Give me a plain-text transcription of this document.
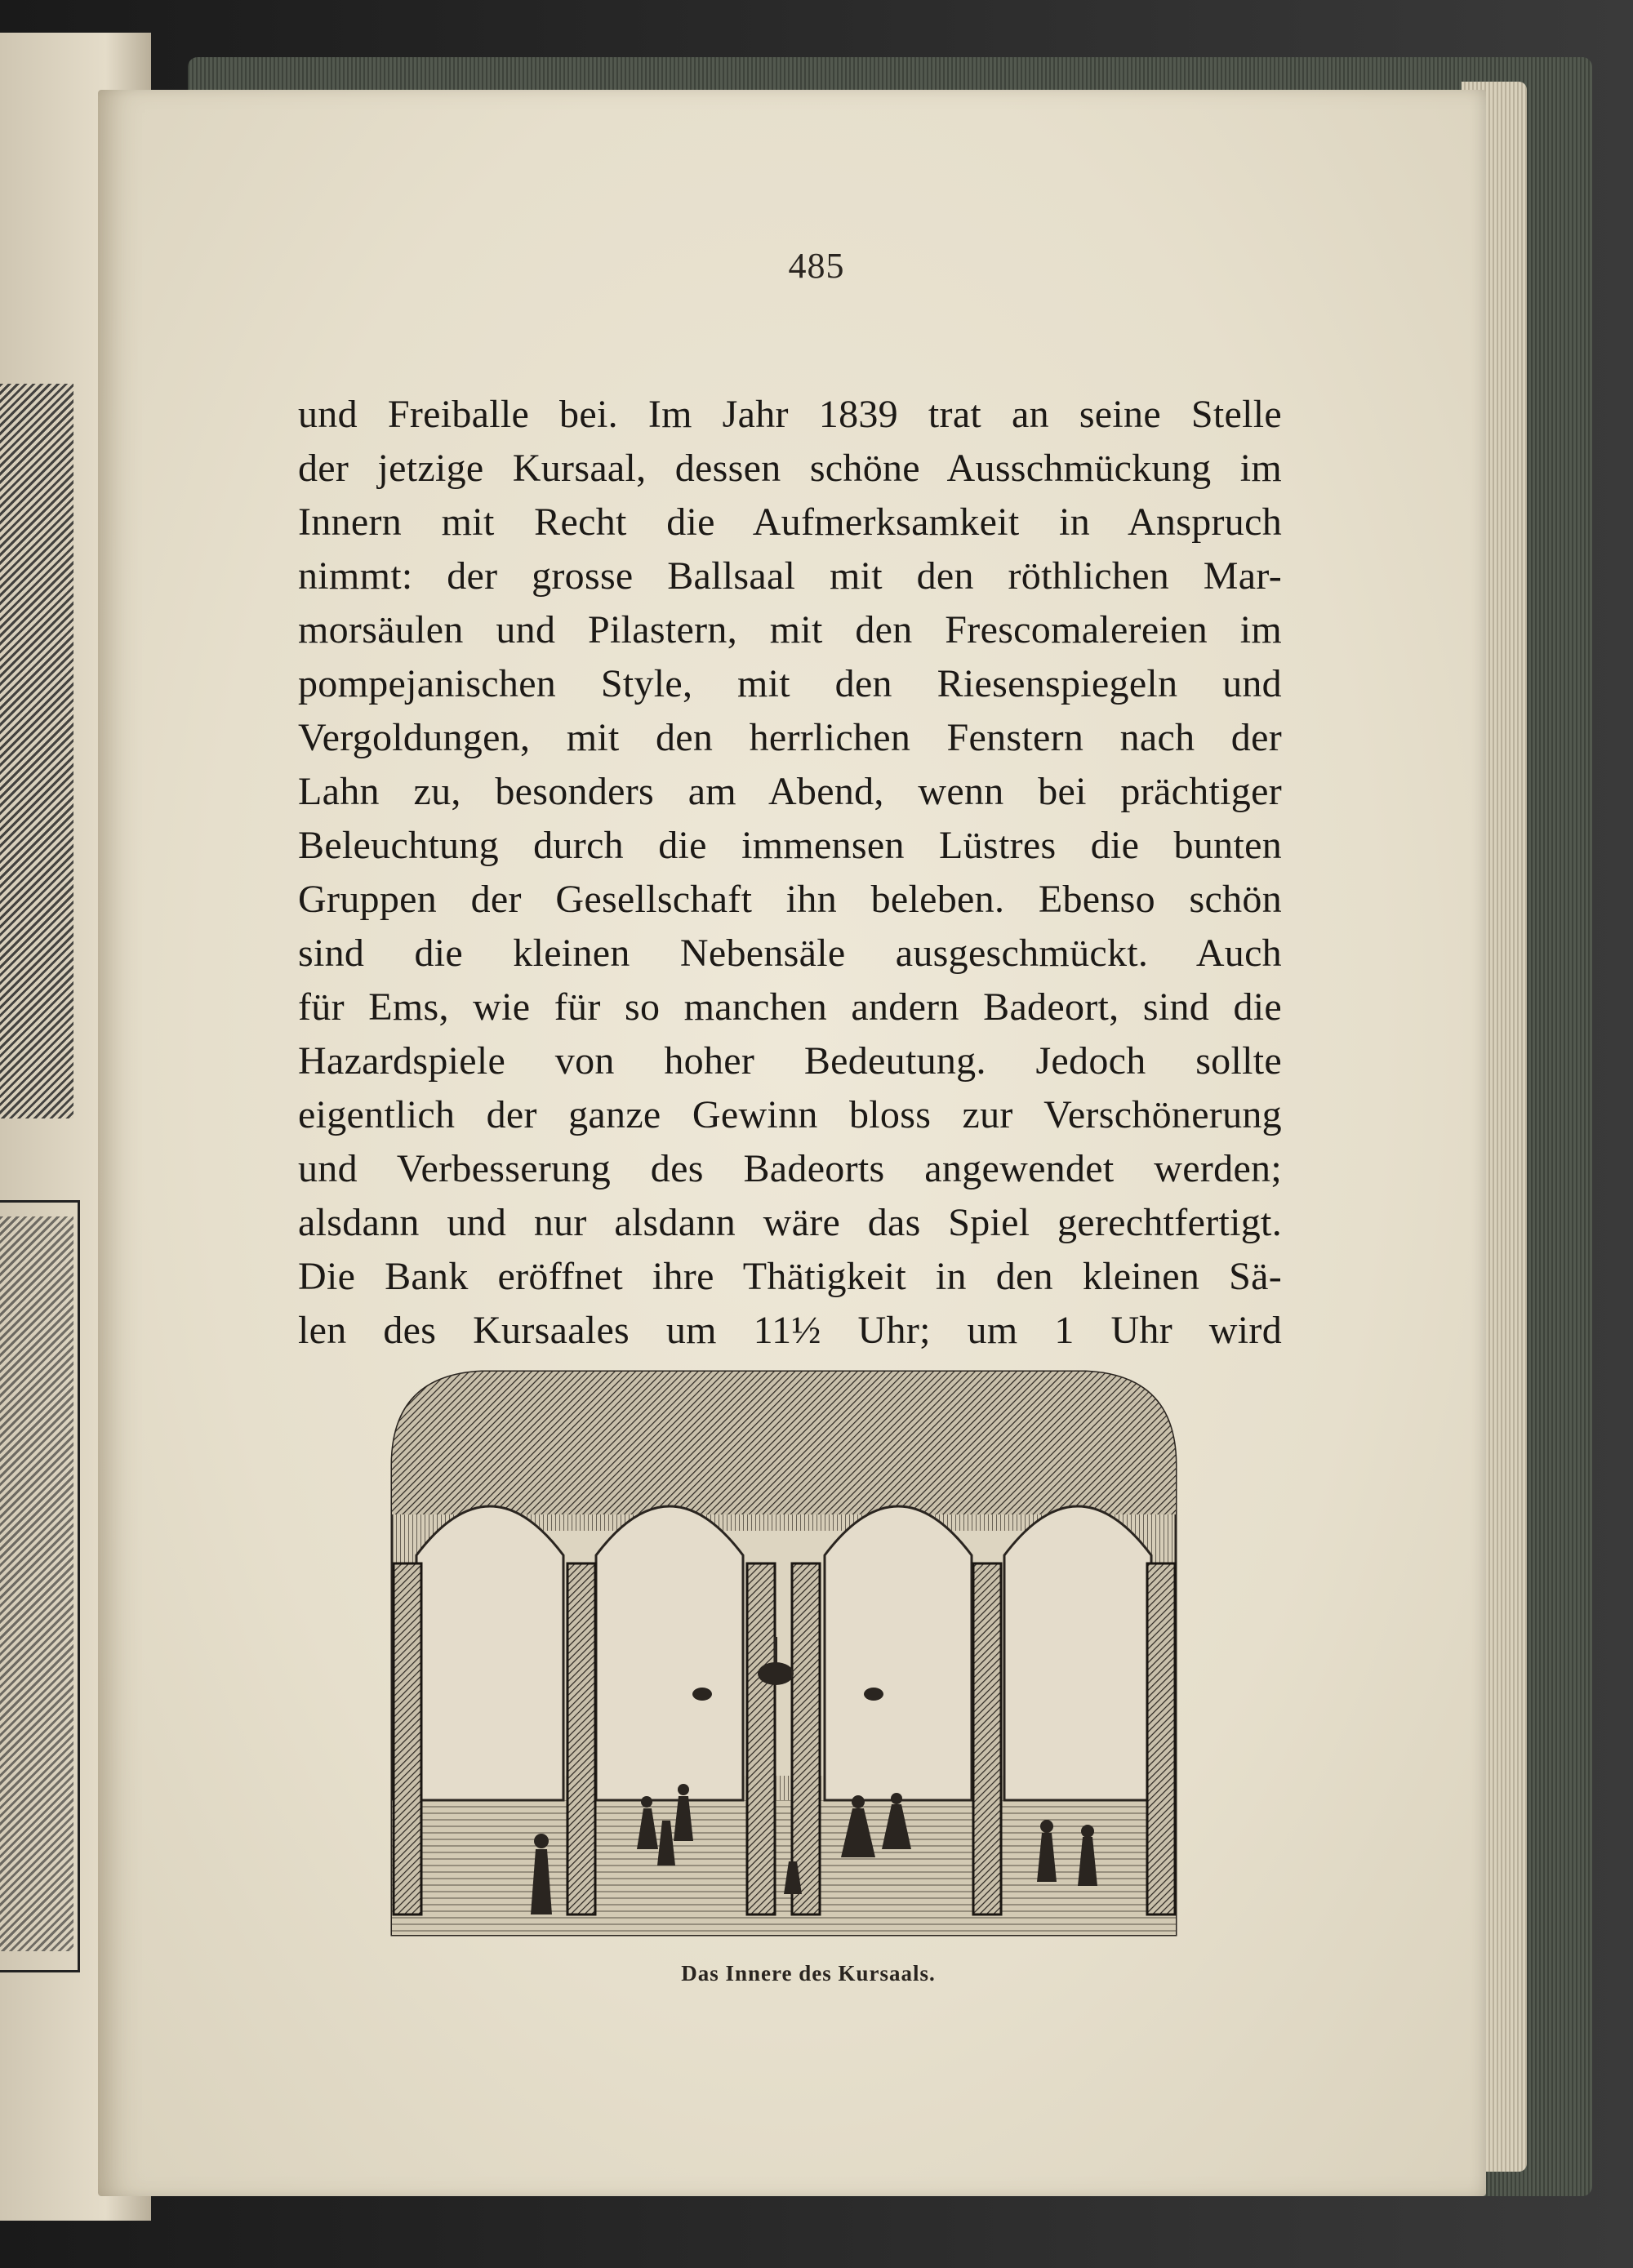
485
und Freiballe bei. Im Jahr 1839 trat an seine Stelle
der jetzige Kursaal, dessen schöne Ausschmückung im
Innern mit Recht die Aufmerksamkeit in Anspruch
nimmt: der grosse Ballsaal mit den röthlichen Mar-
morsäulen und Pilastern, mit den Frescomalereien im
pompejanischen Style, mit den Riesenspiegeln und
Vergoldungen, mit den herrlichen Fenstern nach der
Lahn zu, besonders am Abend, wenn bei prächtiger
Beleuchtung durch die immensen Lüstres die bunten
Gruppen der Gesellschaft ihn beleben. Ebenso schön
sind die kleinen Nebensäle ausgeschmückt. Auch
für Ems, wie für so manchen andern Badeort, sind die
Hazardspiele von hoher Bedeutung. Jedoch sollte
eigentlich der ganze Gewinn bloss zur Verschönerung
und Verbesserung des Badeorts angewendet werden;
alsdann und nur alsdann wäre das Spiel gerechtfertigt.
Die Bank eröffnet ihre Thätigkeit in den kleinen Sä-
len des Kursaales um 11½ Uhr; um 1 Uhr wird
Das Innere des Kursaals.
